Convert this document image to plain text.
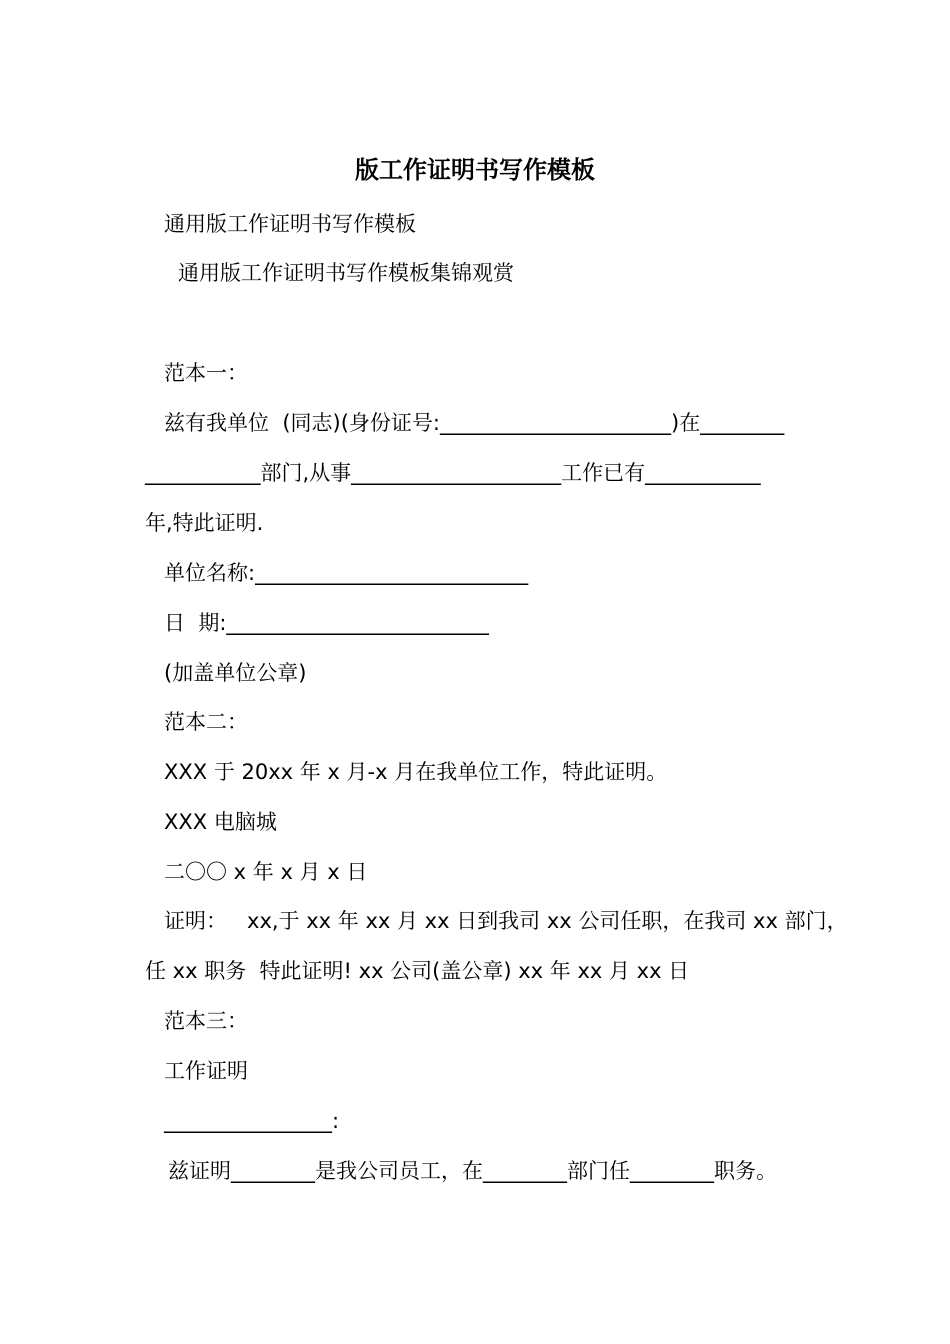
版工作证明书写作模板
通用版工作证明书写作模板
通用版工作证明书写作模板集锦观赏
范本一：
兹有我单位  (同志)(身份证号:______________________)在________
___________部门,从事____________________工作已有___________
年,特此证明.
单位名称:__________________________
日  期:_________________________
(加盖单位公章)
范本二：
XXX 于 20xx 年 x 月-x 月在我单位工作，特此证明。
XXX 电脑城
二〇〇 x 年 x 月 x 日
证明：   xx,于 xx 年 xx 月 xx 日到我司 xx 公司任职，在我司 xx 部门，
任 xx 职务  特此证明! xx 公司(盖公章) xx 年 xx 月 xx 日
范本三：
工作证明
________________:
兹证明________是我公司员工，在________部门任________职务。
